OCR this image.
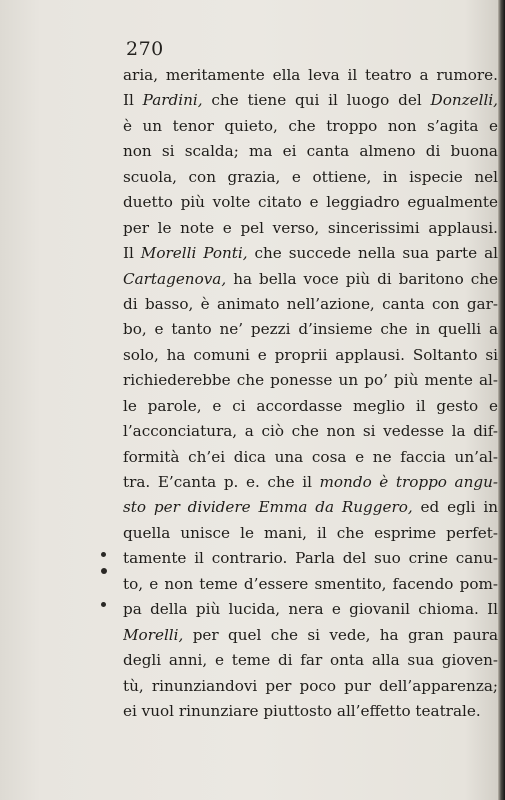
270
aria, meritamente ella leva il teatro a rumore.
Il Pardini, che tiene qui il luogo del Donzelli,
è un tenor quieto, che troppo non s’agita e
non si scalda; ma ei canta almeno di buona
scuola, con grazia, e ottiene, in ispecie nel
duetto più volte citato e leggiadro egualmente
per le note e pel verso, sincerissimi applausi.
Il Morelli Ponti, che succede nella sua parte al
Cartagenova, ha bella voce più di baritono che
di basso, è animato nell’azione, canta con gar-
bo, e tanto ne’ pezzi d’insieme che in quelli a
solo, ha comuni e proprii applausi. Soltanto si
richiederebbe che ponesse un po’ più mente al-
le parole, e ci accordasse meglio il gesto e
l’acconciatura, a ciò che non si vedesse la dif-
formità ch’ei dica una cosa e ne faccia un’al-
tra. E’canta p. e. che il mondo è troppo angu-
sto per dividere Emma da Ruggero, ed egli in
quella unisce le mani, il che esprime perfet-
tamente il contrario. Parla del suo crine canu-
to, e non teme d’essere smentito, facendo pom-
pa della più lucida, nera e giovanil chioma. Il
Morelli, per quel che si vede, ha gran paura
degli anni, e teme di far onta alla sua gioven-
tù, rinunziandovi per poco pur dell’apparenza;
ei vuol rinunziare piuttosto all’effetto teatrale.
